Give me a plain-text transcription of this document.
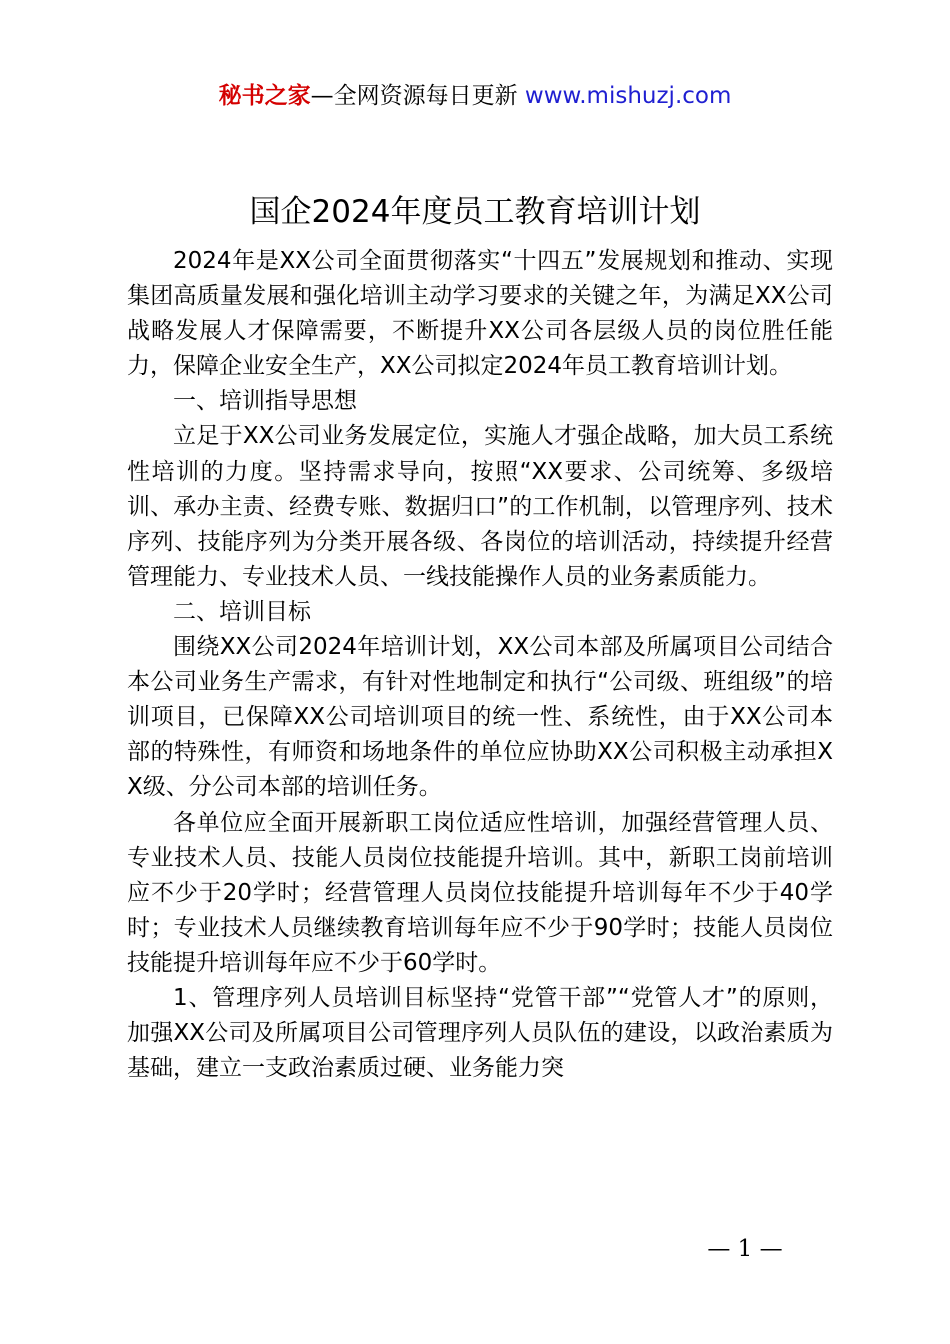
秘书之家—全网资源每日更新 www.mishuzj.com
国企2024年度员工教育培训计划

2024年是XX公司全面贯彻落实“十四五”发展规划和推动、实现集团高质量发展和强化培训主动学习要求的关键之年，为满足XX公司战略发展人才保障需要，不断提升XX公司各层级人员的岗位胜任能力，保障企业安全生产，XX公司拟定2024年员工教育培训计划。

一、培训指导思想

立足于XX公司业务发展定位，实施人才强企战略，加大员工系统性培训的力度。坚持需求导向，按照“XX要求、公司统筹、多级培训、承办主责、经费专账、数据归口”的工作机制，以管理序列、技术序列、技能序列为分类开展各级、各岗位的培训活动，持续提升经营管理能力、专业技术人员、一线技能操作人员的业务素质能力。

二、培训目标

围绕XX公司2024年培训计划，XX公司本部及所属项目公司结合本公司业务生产需求，有针对性地制定和执行“公司级、班组级”的培训项目，已保障XX公司培训项目的统一性、系统性，由于XX公司本部的特殊性，有师资和场地条件的单位应协助XX公司积极主动承担XX级、分公司本部的培训任务。

各单位应全面开展新职工岗位适应性培训，加强经营管理人员、专业技术人员、技能人员岗位技能提升培训。其中，新职工岗前培训应不少于20学时；经营管理人员岗位技能提升培训每年不少于40学时；专业技术人员继续教育培训每年应不少于90学时；技能人员岗位技能提升培训每年应不少于60学时。

1、管理序列人员培训目标坚持“党管干部”“党管人才”的原则，加强XX公司及所属项目公司管理序列人员队伍的建设，以政治素质为基础，建立一支政治素质过硬、业务能力突

— 1 —
